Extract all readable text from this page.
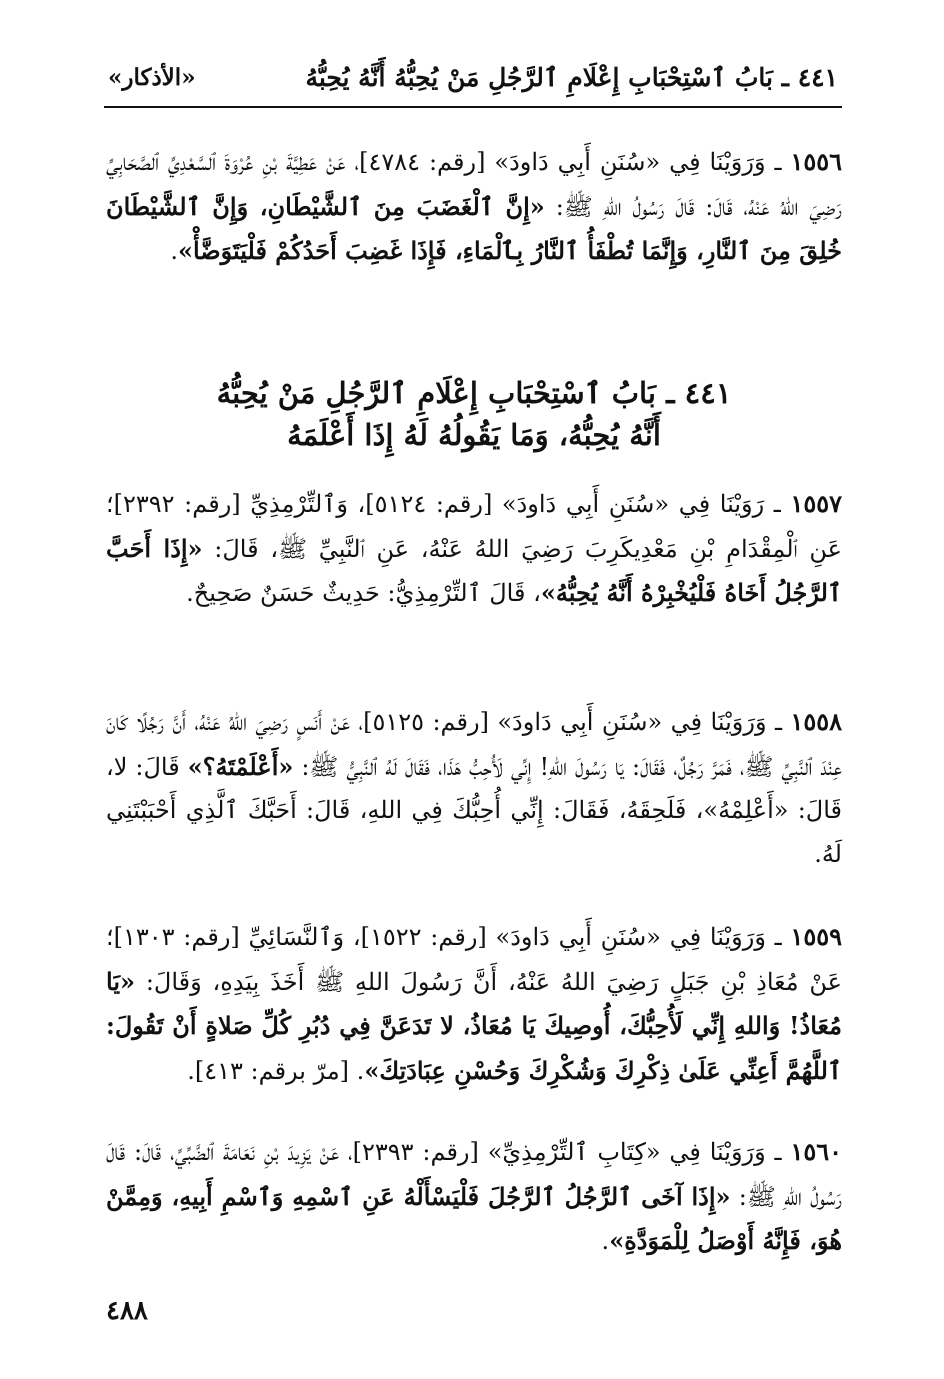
٤٤١ ـ بَابُ ٱسْتِحْبَابِ إِعْلَامِ ٱلرَّجُلِ مَنْ يُحِبُّهُ أَنَّهُ يُحِبُّهُ
«الأذكار»
١٥٥٦ ـ وَرَوَيْنَا فِي «سُنَنِ أَبِي دَاودَ» [رقم: ٤٧٨٤]، عَنْ عَطِيَّةَ بْنِ عُرْوَةَ ٱلسَّعْدِيِّ ٱلصَّحَابِيِّ رَضِيَ اللهُ عَنْهُ، قَالَ: قَالَ رَسُولُ اللهِ ﷺ: «إِنَّ ٱلْغَضَبَ مِنَ ٱلشَّيْطَانِ، وَإِنَّ ٱلشَّيْطَانَ خُلِقَ مِنَ ٱلنَّارِ، وَإِنَّمَا تُطْفَأُ ٱلنَّارُ بِٱلْمَاءِ، فَإِذَا غَضِبَ أَحَدُكُمْ فَلْيَتَوَضَّأْ».
٤٤١ ـ بَابُ ٱسْتِحْبَابِ إِعْلَامِ ٱلرَّجُلِ مَنْ يُحِبُّهُ
أَنَّهُ يُحِبُّهُ، وَمَا يَقُولُهُ لَهُ إِذَا أَعْلَمَهُ
١٥٥٧ ـ رَوَيْنَا فِي «سُنَنِ أَبِي دَاودَ» [رقم: ٥١٢٤]، وَٱلتِّرْمِذِيِّ [رقم: ٢٣٩٢]؛ عَنِ ٱلْمِقْدَامِ بْنِ مَعْدِيكَرِبَ رَضِيَ اللهُ عَنْهُ، عَنِ ٱلنَّبِيِّ ﷺ، قَالَ: «إِذَا أَحَبَّ ٱلرَّجُلُ أَخَاهُ فَلْيُخْبِرْهُ أَنَّهُ يُحِبُّهُ»، قَالَ ٱلتِّرْمِذِيُّ: حَدِيثٌ حَسَنٌ صَحِيحٌ.
١٥٥٨ ـ وَرَوَيْنَا فِي «سُنَنِ أَبِي دَاودَ» [رقم: ٥١٢٥]، عَنْ أَنَسٍ رَضِيَ اللهُ عَنْهُ، أَنَّ رَجُلًا كَانَ عِنْدَ ٱلنَّبِيِّ ﷺ، فَمَرَّ رَجُلٌ، فَقَالَ: يَا رَسُولَ اللهِ! إِنِّي لَأُحِبُّ هَذَا، فَقَالَ لَهُ ٱلنَّبِيُّ ﷺ: «أَعْلَمْتَهُ؟» قَالَ: لا، قَالَ: «أَعْلِمْهُ»، فَلَحِقَهُ، فَقَالَ: إِنِّي أُحِبُّكَ فِي اللهِ، قَالَ: أَحَبَّكَ ٱلَّذِي أَحْبَبْتَنِي لَهُ.
١٥٥٩ ـ وَرَوَيْنَا فِي «سُنَنِ أَبِي دَاودَ» [رقم: ١٥٢٢]، وَٱلنَّسَائِيِّ [رقم: ١٣٠٣]؛ عَنْ مُعَاذِ بْنِ جَبَلٍ رَضِيَ اللهُ عَنْهُ، أَنَّ رَسُولَ اللهِ ﷺ أَخَذَ بِيَدِهِ، وَقَالَ: «يَا مُعَاذُ! وَاللهِ إِنِّي لَأُحِبُّكَ، أُوصِيكَ يَا مُعَاذُ، لا تَدَعَنَّ فِي دُبُرِ كُلِّ صَلاةٍ أَنْ تَقُولَ: ٱللَّهُمَّ أَعِنِّي عَلَىٰ ذِكْرِكَ وَشُكْرِكَ وَحُسْنِ عِبَادَتِكَ». [مرّ برقم: ٤١٣].
١٥٦٠ ـ وَرَوَيْنَا فِي «كِتَابِ ٱلتِّرْمِذِيِّ» [رقم: ٢٣٩٣]، عَنْ يَزِيدَ بْنِ نَعَامَةَ ٱلضَّبِّيِّ، قَالَ: قَالَ رَسُولُ اللهِ ﷺ: «إِذَا آخَى ٱلرَّجُلُ ٱلرَّجُلَ فَلْيَسْأَلْهُ عَنِ ٱسْمِهِ وَٱسْمِ أَبِيهِ، وَمِمَّنْ هُوَ، فَإِنَّهُ أَوْصَلُ لِلْمَوَدَّةِ».
٤٨٨
